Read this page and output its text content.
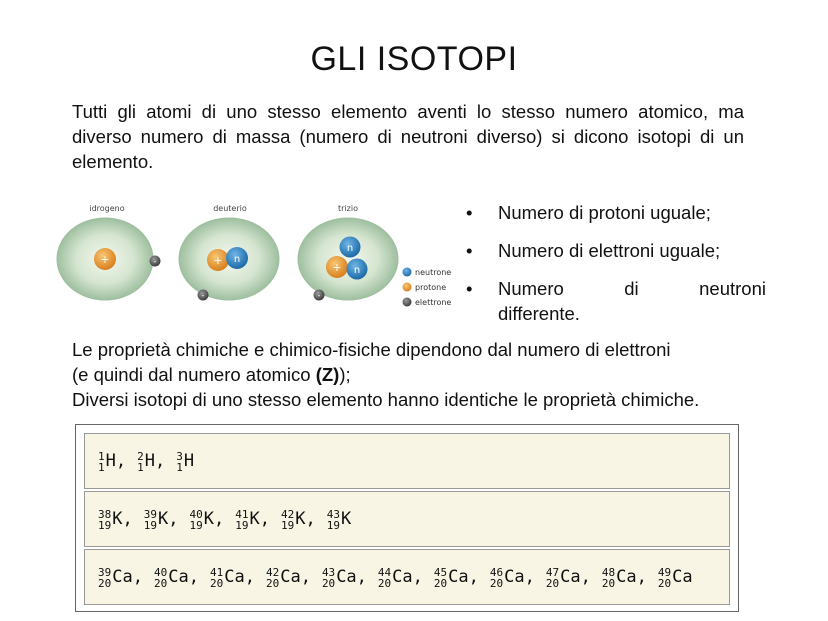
GLI ISOTOPI

Tutti gli atomi di uno stesso elemento aventi lo stesso numero atomico, ma diverso numero di massa (numero di neutroni diverso) si dicono isotopi di un elemento.

idrogeno
+	-
deuterio
+ n
-
trizio
n
+ n
-
neutrone
protone
elettrone
• Numero di protoni uguale;
• Numero di elettroni uguale;
• Numero	di	neutroni
differente.
Le proprietà chimiche e chimico-fisiche dipendono dal numero di elettroni
(e quindi dal numero atomico (Z));
Diversi isotopi di uno stesso elemento hanno identiche le proprietà chimiche.
1
1 H , 2
1 H , 3
1 H
38
19 K , 39
19 K , 40
19 K , 41
19 K , 42
19 K , 43
19 K
39
20 Ca , 40
20 Ca , 41
20 Ca , 42
20 Ca , 43
20 Ca , 44
20 Ca , 45
20 Ca , 46
20 Ca , 47
20 Ca , 48
20 Ca , 49
20 Ca
